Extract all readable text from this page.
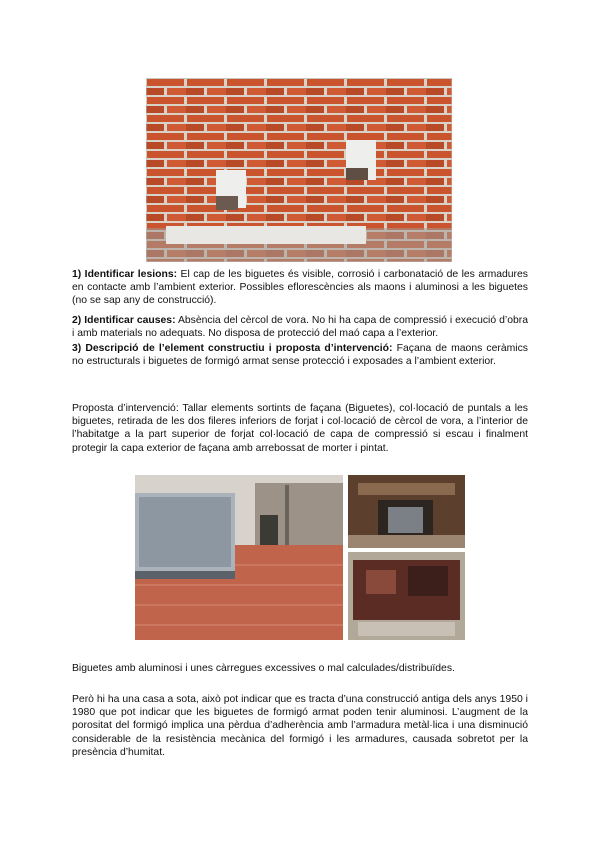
1) Identificar lesions: El cap de les biguetes és visible, corrosió i carbonatació de les armadures en contacte amb l’ambient exterior. Possibles eflorescències als maons i aluminosi a les biguetes (no se sap any de construcció).

2) Identificar causes: Absència del cèrcol de vora. No hi ha capa de compressió i execució d’obra i amb materials no adequats. No disposa de protecció del maó capa a l’exterior.

3) Descripció de l’element constructiu i proposta d’intervenció: Façana de maons ceràmics no estructurals i biguetes de formigó armat sense protecció i exposades a l’ambient exterior.

Proposta d’intervenció: Tallar elements sortints de façana (Biguetes), col·locació de puntals a les biguetes, retirada de les dos fileres inferiors de forjat i col·locació de cèrcol de vora, a l’interior de l’habitatge a la part superior de forjat col·locació de capa de compressió si escau i finalment protegir la capa exterior de façana amb arrebossat de morter i pintat.

Biguetes amb aluminosi i unes càrregues excessives o mal calculades/distribuïdes.

Però hi ha una casa a sota, això pot indicar que es tracta d’una construcció antiga dels anys 1950 i 1980 que pot indicar que les biguetes de formigó armat poden tenir aluminosi. L’augment de la porositat del formigó implica una pèrdua d’adherència amb l’armadura metàl·lica i una disminució considerable de la resistència mecànica del formigó i les armadures, causada sobretot per la presència d’humitat.
